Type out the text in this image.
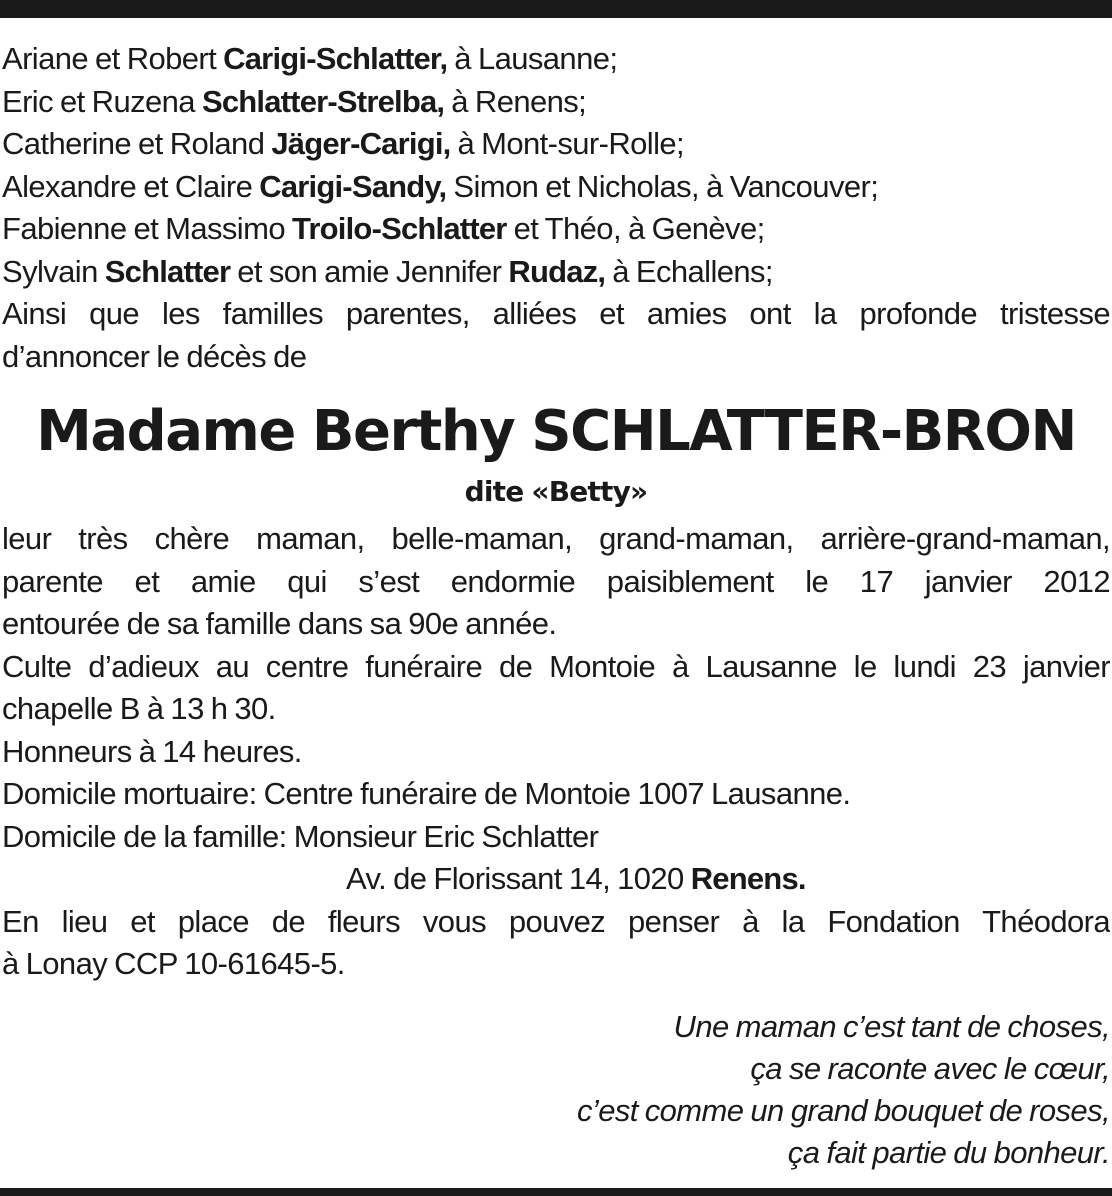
Ariane et Robert Carigi-Schlatter, à Lausanne;
Eric et Ruzena Schlatter-Strelba, à Renens;
Catherine et Roland Jäger-Carigi, à Mont-sur-Rolle;
Alexandre et Claire Carigi-Sandy, Simon et Nicholas, à Vancouver;
Fabienne et Massimo Troilo-Schlatter et Théo, à Genève;
Sylvain Schlatter et son amie Jennifer Rudaz, à Echallens;
Ainsi que les familles parentes, alliées et amies ont la profonde tristesse
d’annoncer le décès de
Madame Berthy SCHLATTER-BRON
dite «Betty»
leur très chère maman, belle-maman, grand-maman, arrière-grand-maman,
parente et amie qui s’est endormie paisiblement le 17 janvier 2012
entourée de sa famille dans sa 90e année.
Culte d’adieux au centre funéraire de Montoie à Lausanne le lundi 23 janvier
chapelle B à 13 h 30.
Honneurs à 14 heures.
Domicile mortuaire: Centre funéraire de Montoie 1007 Lausanne.
Domicile de la famille: Monsieur Eric Schlatter
Av. de Florissant 14, 1020 Renens.
En lieu et place de fleurs vous pouvez penser à la Fondation Théodora
à Lonay CCP 10-61645-5.
Une maman c’est tant de choses,
ça se raconte avec le cœur,
c’est comme un grand bouquet de roses,
ça fait partie du bonheur.
